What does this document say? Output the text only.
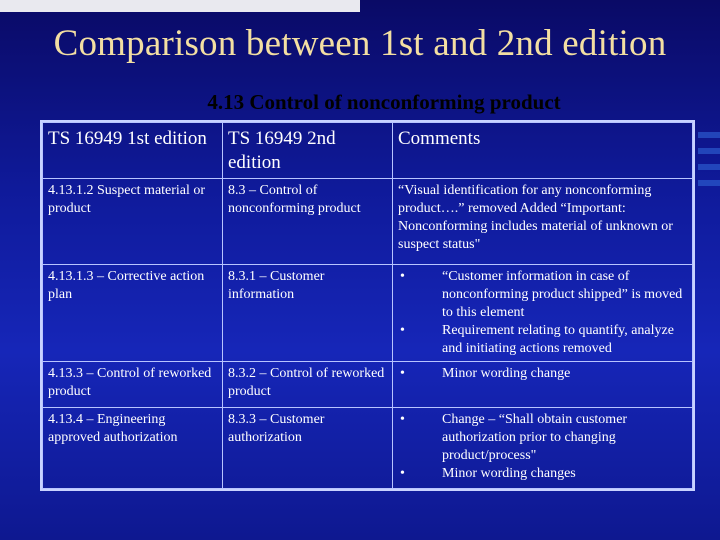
Comparison between 1st and 2nd edition
4.13 Control of nonconforming product
TS 16949 1st edition	TS 16949 2nd edition	Comments
4.13.1.2 Suspect material or product	8.3 – Control of nonconforming product	“Visual identification for any nonconforming product….” removed Added “Important: Nonconforming includes material of unknown or suspect status"
4.13.1.3 – Corrective action plan	8.3.1 – Customer information	• “Customer information in case of nonconforming product shipped” is moved to this element
• Requirement relating to quantify, analyze and initiating actions removed

4.13.3 – Control of reworked product	8.3.2 – Control of reworked product	• Minor wording change

4.13.4 – Engineering approved authorization	8.3.3 – Customer authorization	• Change – “Shall obtain customer authorization prior to changing product/process"
• Minor wording changes
